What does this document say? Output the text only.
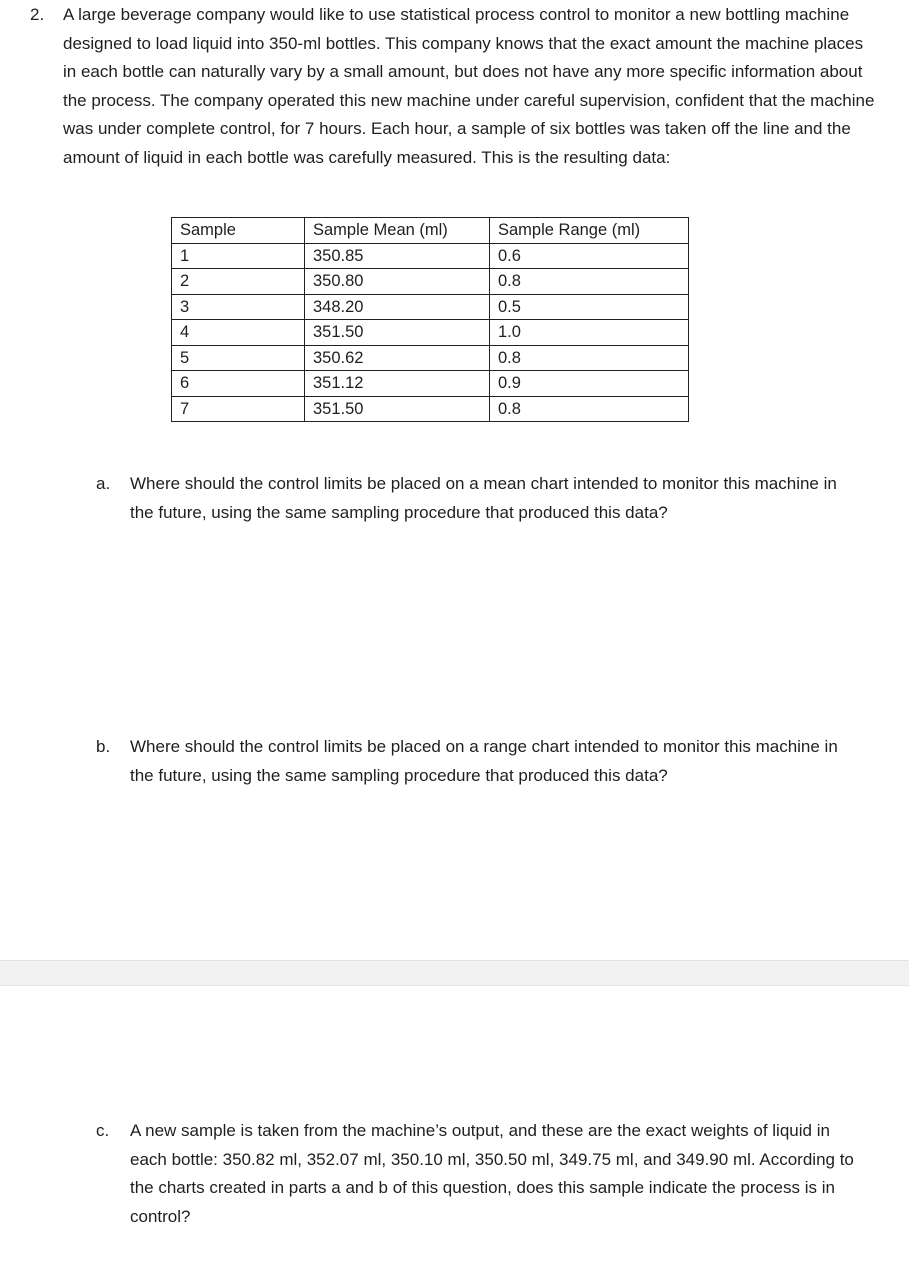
2. A large beverage company would like to use statistical process control to monitor a new bottling machine designed to load liquid into 350-ml bottles. This company knows that the exact amount the machine places in each bottle can naturally vary by a small amount, but does not have any more specific information about the process. The company operated this new machine under careful supervision, confident that the machine was under complete control, for 7 hours. Each hour, a sample of six bottles was taken off the line and the amount of liquid in each bottle was carefully measured. This is the resulting data:
Sample	Sample Mean (ml)	Sample Range (ml)
1	350.85	0.6
2	350.80	0.8
3	348.20	0.5
4	351.50	1.0
5	350.62	0.8
6	351.12	0.9
7	351.50	0.8
a. Where should the control limits be placed on a mean chart intended to monitor this machine in the future, using the same sampling procedure that produced this data?
b. Where should the control limits be placed on a range chart intended to monitor this machine in the future, using the same sampling procedure that produced this data?
c. A new sample is taken from the machine’s output, and these are the exact weights of liquid in each bottle: 350.82 ml, 352.07 ml, 350.10 ml, 350.50 ml, 349.75 ml, and 349.90 ml. According to the charts created in parts a and b of this question, does this sample indicate the process is in control?
